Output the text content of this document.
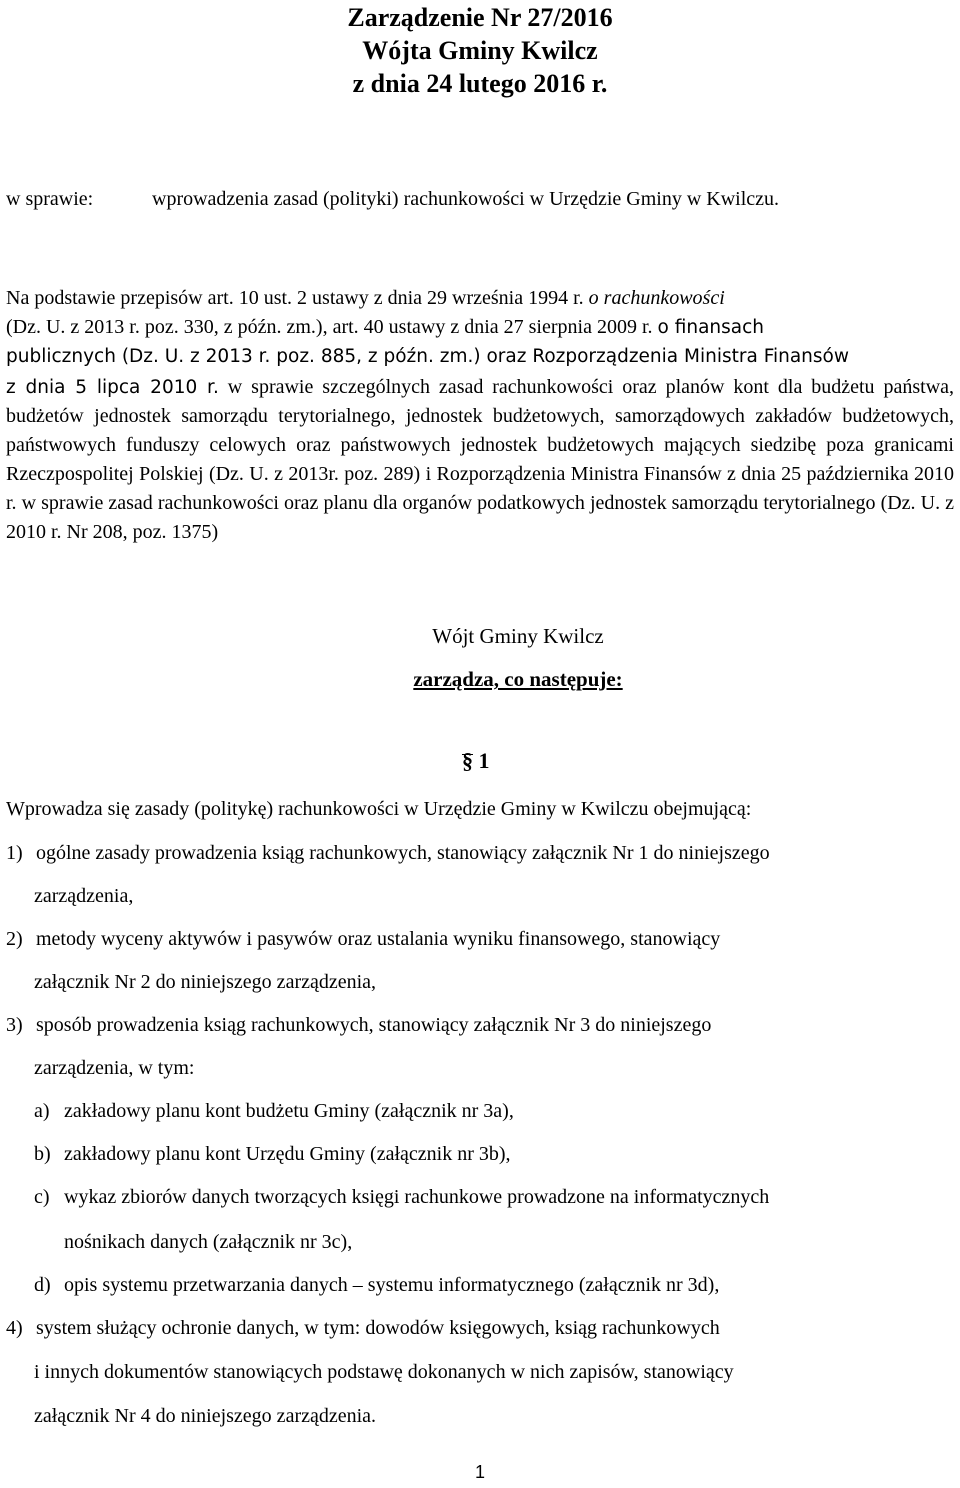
Zarządzenie Nr 27/2016
Wójta Gminy Kwilcz
z dnia 24 lutego 2016 r.
w sprawie:	wprowadzenia zasad (polityki) rachunkowości w Urzędzie Gminy w Kwilczu.
Na podstawie przepisów art. 10 ust. 2 ustawy z dnia 29 września 1994 r. o rachunkowości
(Dz. U. z 2013 r. poz. 330, z późn. zm.), art. 40 ustawy z dnia 27 sierpnia 2009 r. o finansach
publicznych (Dz. U. z 2013 r. poz. 885, z późn. zm.) oraz Rozporządzenia Ministra Finansów
z dnia 5 lipca 2010 r. w sprawie szczególnych zasad rachunkowości oraz planów kont dla budżetu państwa, budżetów jednostek samorządu terytorialnego, jednostek budżetowych, samorządowych zakładów budżetowych, państwowych funduszy celowych oraz państwowych jednostek budżetowych mających siedzibę poza granicami Rzeczpospolitej Polskiej (Dz. U. z 2013r. poz. 289) i Rozporządzenia Ministra Finansów z dnia 25 października 2010 r. w sprawie zasad rachunkowości oraz planu dla organów podatkowych jednostek samorządu terytorialnego (Dz. U. z 2010 r. Nr 208, poz. 1375)
Wójt Gminy Kwilcz
zarządza, co następuje:
§ 1
Wprowadza się zasady (politykę) rachunkowości w Urzędzie Gminy w Kwilczu obejmującą:
1) ogólne zasady prowadzenia ksiąg rachunkowych, stanowiący załącznik Nr 1 do niniejszego
zarządzenia,
2) metody wyceny aktywów i pasywów oraz ustalania wyniku finansowego, stanowiący
załącznik Nr 2 do niniejszego zarządzenia,
3) sposób prowadzenia ksiąg rachunkowych, stanowiący załącznik Nr 3 do niniejszego
zarządzenia, w tym:
a) zakładowy planu kont budżetu Gminy (załącznik nr 3a),
b) zakładowy planu kont Urzędu Gminy (załącznik nr 3b),
c) wykaz zbiorów danych tworzących księgi rachunkowe prowadzone na informatycznych
nośnikach danych (załącznik nr 3c),
d) opis systemu przetwarzania danych – systemu informatycznego (załącznik nr 3d),
4) system służący ochronie danych, w tym: dowodów księgowych, ksiąg rachunkowych
i innych dokumentów stanowiących podstawę dokonanych w nich zapisów, stanowiący
załącznik Nr 4 do niniejszego zarządzenia.
1
